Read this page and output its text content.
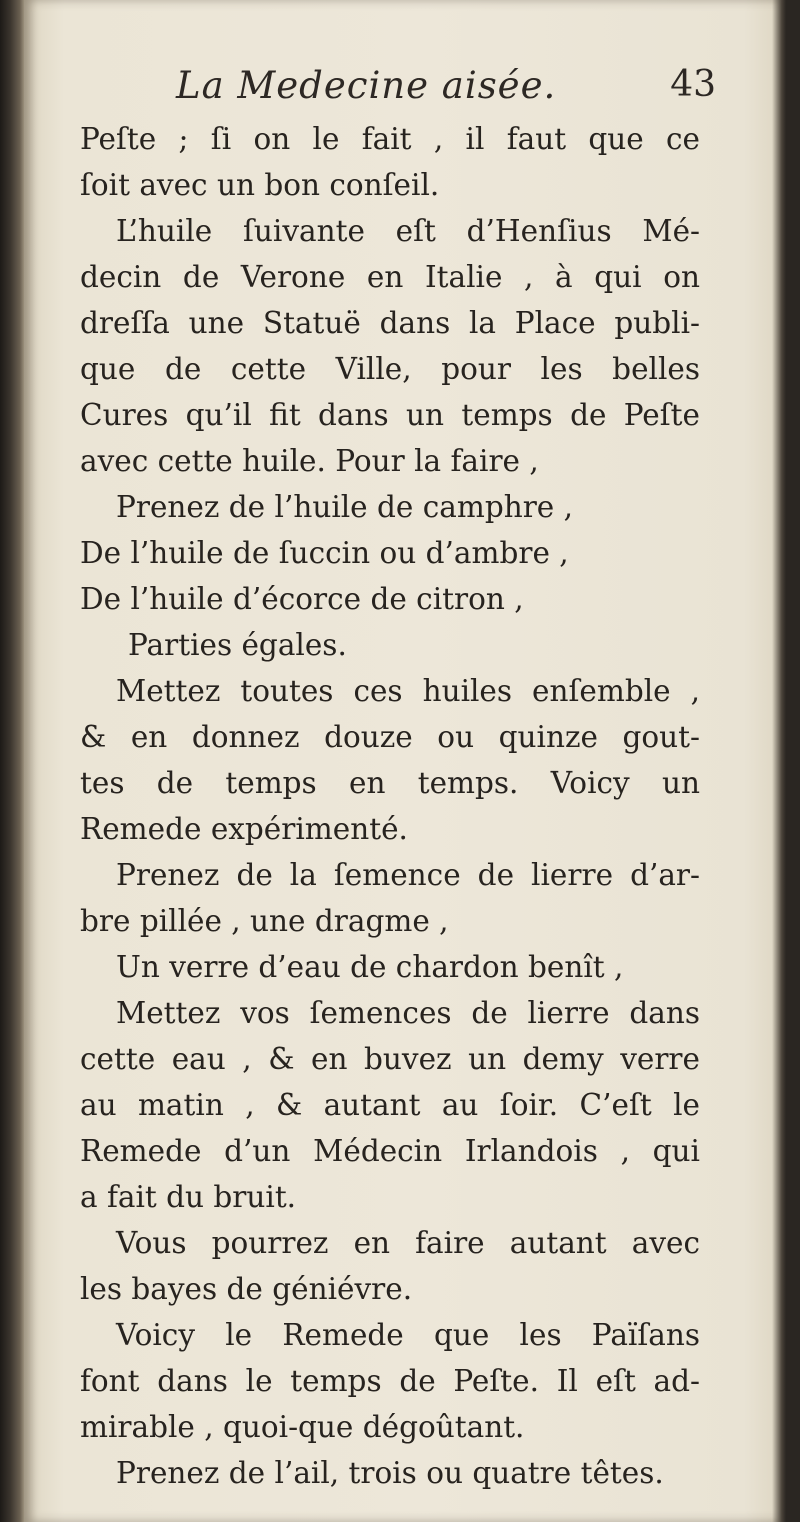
La Medecine aisée.	43
Peſte ; ſi on le fait , il faut que ce
ſoit avec un bon conſeil.
L’huile ſuivante eſt d’Henſius Mé-
decin de Verone en Italie , à qui on
dreſſa une Statuë dans la Place publi-
que de cette Ville, pour les belles
Cures qu’il fit dans un temps de Peſte
avec cette huile. Pour la faire ,
Prenez de l’huile de camphre ,
De l’huile de ſuccin ou d’ambre ,
De l’huile d’écorce de citron ,
Parties égales.
Mettez toutes ces huiles enſemble ,
& en donnez douze ou quinze gout-
tes de temps en temps. Voicy un
Remede expérimenté.
Prenez de la ſemence de lierre d’ar-
bre pillée , une dragme ,
Un verre d’eau de chardon benît ,
Mettez vos ſemences de lierre dans
cette eau , & en buvez un demy verre
au matin , & autant au ſoir. C’eſt le
Remede d’un Médecin Irlandois , qui
a fait du bruit.
Vous pourrez en faire autant avec
les bayes de géniévre.
Voicy le Remede que les Païſans
font dans le temps de Peſte. Il eſt ad-
mirable , quoi-que dégoûtant.
Prenez de l’ail, trois ou quatre têtes.
